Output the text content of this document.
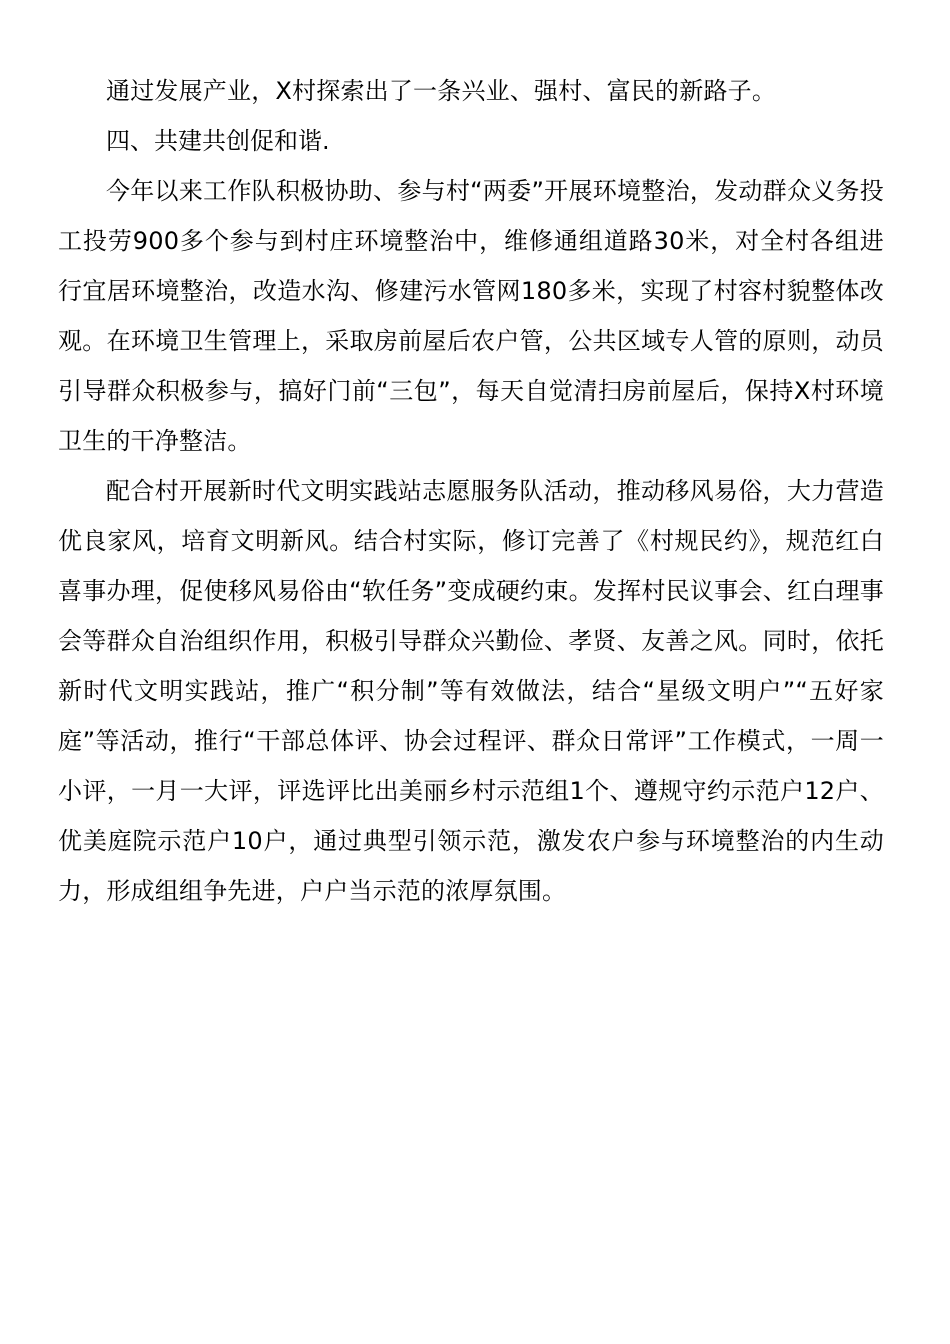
通过发展产业，X村探索出了一条兴业、强村、富民的新路子。

四、共建共创促和谐.

今年以来工作队积极协助、参与村“两委”开展环境整治，发动群众义务投工投劳900多个参与到村庄环境整治中，维修通组道路30米，对全村各组进行宜居环境整治，改造水沟、修建污水管网180多米，实现了村容村貌整体改观。在环境卫生管理上，采取房前屋后农户管，公共区域专人管的原则，动员引导群众积极参与，搞好门前“三包”，每天自觉清扫房前屋后，保持X村环境卫生的干净整洁。

配合村开展新时代文明实践站志愿服务队活动，推动移风易俗，大力营造优良家风，培育文明新风。结合村实际，修订完善了《村规民约》，规范红白喜事办理，促使移风易俗由“软任务”变成硬约束。发挥村民议事会、红白理事会等群众自治组织作用，积极引导群众兴勤俭、孝贤、友善之风。同时，依托新时代文明实践站，推广“积分制”等有效做法，结合“星级文明户”“五好家庭”等活动，推行“干部总体评、协会过程评、群众日常评”工作模式，一周一小评，一月一大评，评选评比出美丽乡村示范组1个、遵规守约示范户12户、优美庭院示范户10户，通过典型引领示范，激发农户参与环境整治的内生动力，形成组组争先进，户户当示范的浓厚氛围。
